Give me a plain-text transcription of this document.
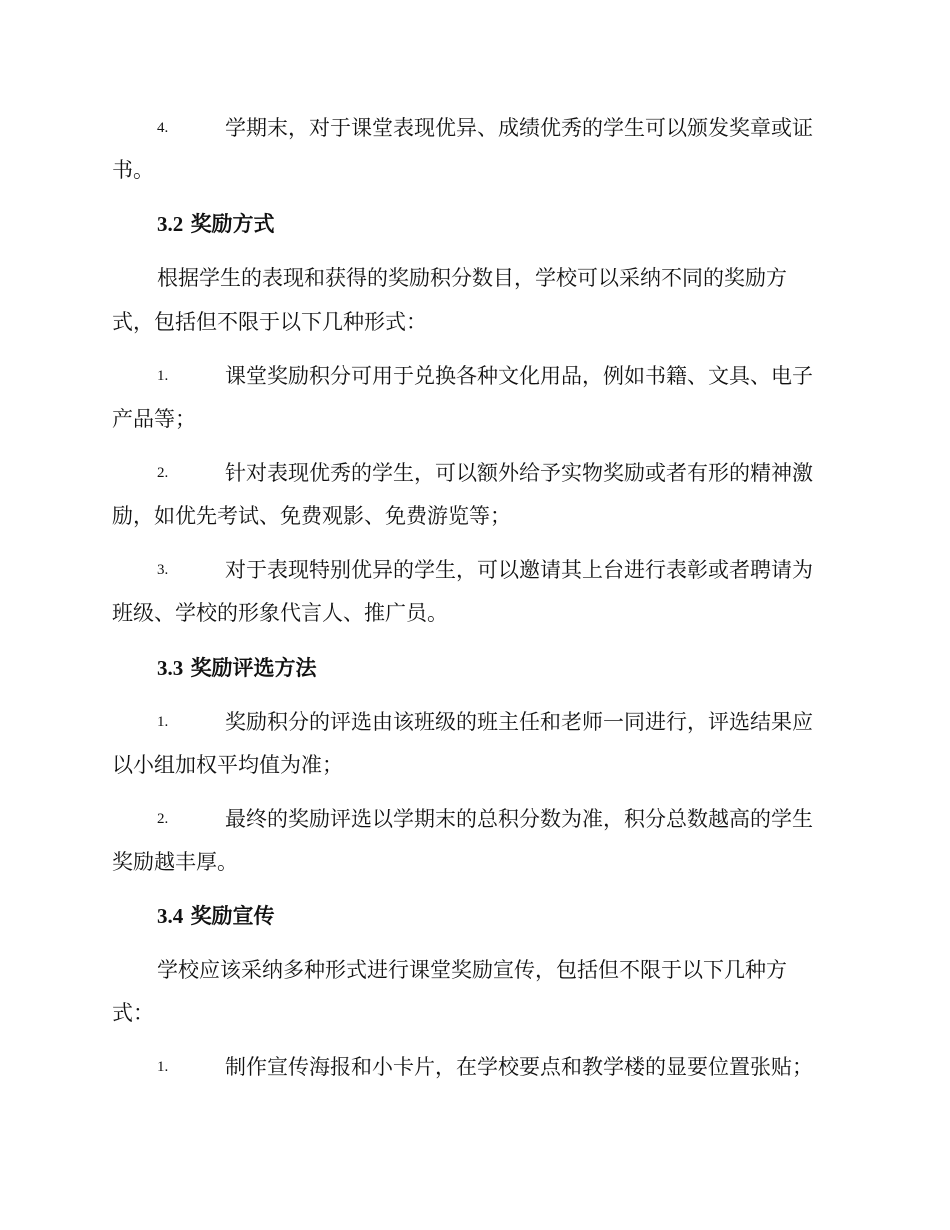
4.	学期末，对于课堂表现优异、成绩优秀的学生可以颁发奖章或证
书。
3.2 奖励方式
根据学生的表现和获得的奖励积分数目，学校可以采纳不同的奖励方
式，包括但不限于以下几种形式：
1.	课堂奖励积分可用于兑换各种文化用品，例如书籍、文具、电子
产品等；
2.	针对表现优秀的学生，可以额外给予实物奖励或者有形的精神激
励，如优先考试、免费观影、免费游览等；
3.	对于表现特别优异的学生，可以邀请其上台进行表彰或者聘请为
班级、学校的形象代言人、推广员。
3.3 奖励评选方法
1.	奖励积分的评选由该班级的班主任和老师一同进行，评选结果应
以小组加权平均值为准；
2.	最终的奖励评选以学期末的总积分数为准，积分总数越高的学生
奖励越丰厚。
3.4 奖励宣传
学校应该采纳多种形式进行课堂奖励宣传，包括但不限于以下几种方
式：
1.	制作宣传海报和小卡片，在学校要点和教学楼的显要位置张贴；
